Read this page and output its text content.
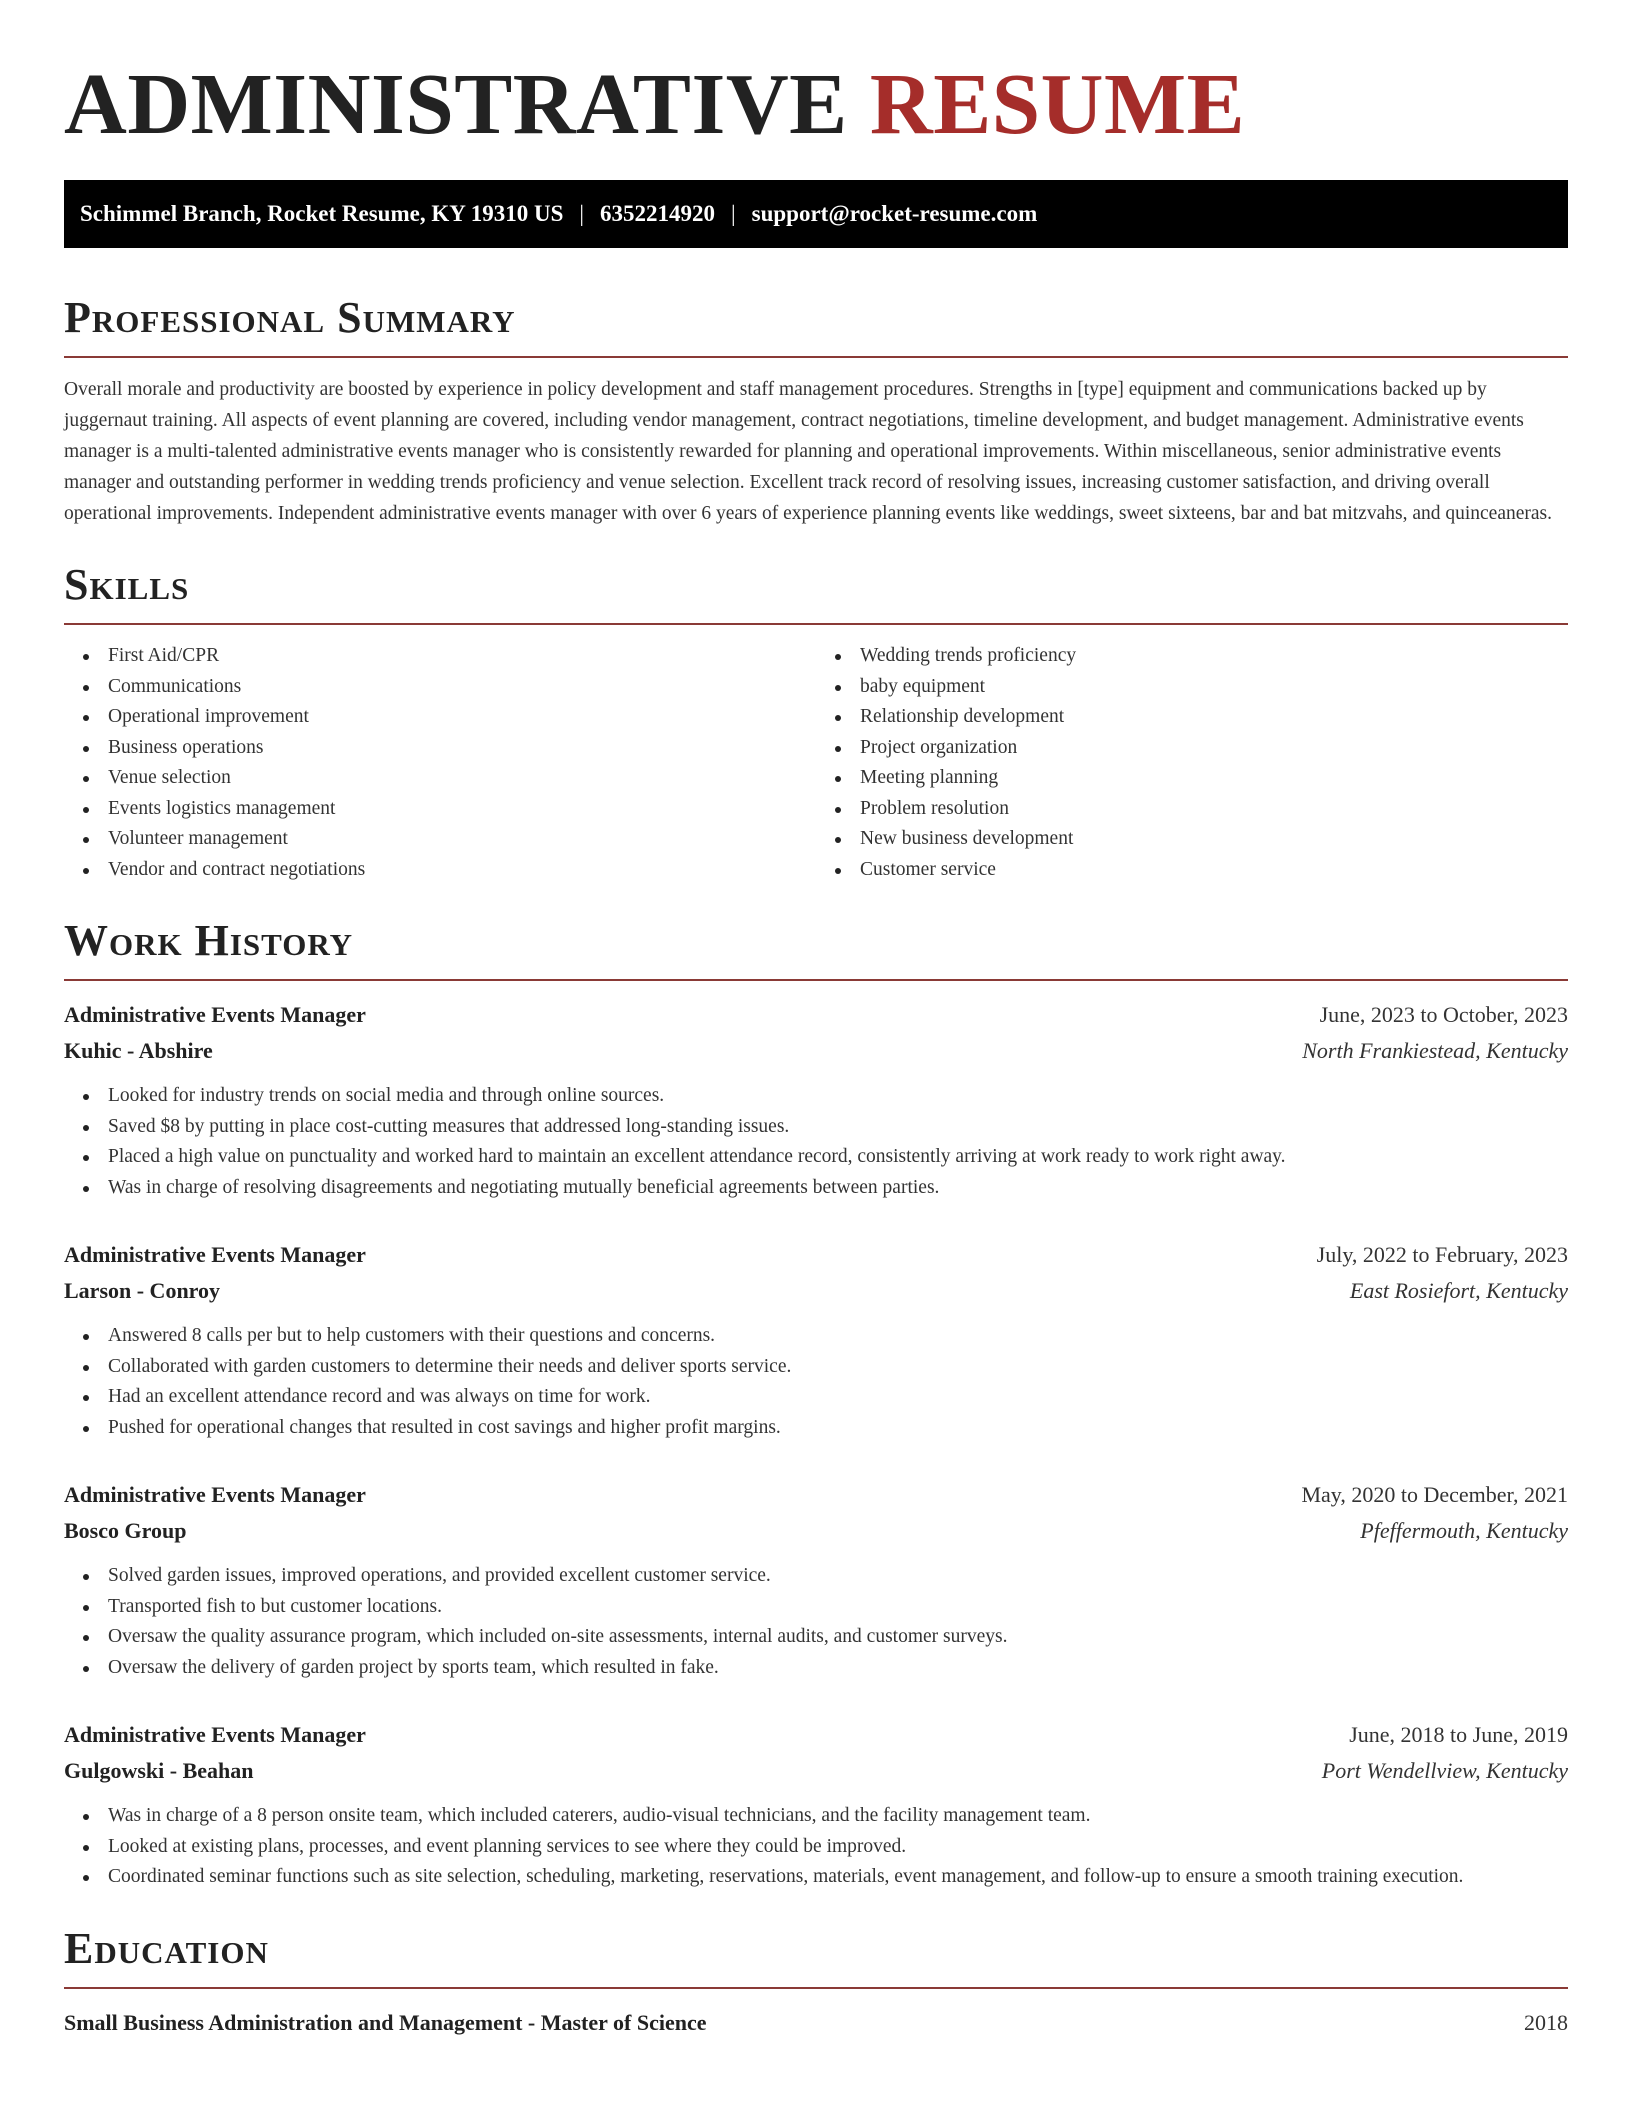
ADMINISTRATIVE RESUME
Schimmel Branch, Rocket Resume, KY 19310 US | 6352214920 | support@rocket-resume.com
Professional Summary

Overall morale and productivity are boosted by experience in policy development and staff management procedures. Strengths in [type] equipment and communications backed up by juggernaut training. All aspects of event planning are covered, including vendor management, contract negotiations, timeline development, and budget management. Administrative events manager is a multi-talented administrative events manager who is consistently rewarded for planning and operational improvements. Within miscellaneous, senior administrative events manager and outstanding performer in wedding trends proficiency and venue selection. Excellent track record of resolving issues, increasing customer satisfaction, and driving overall operational improvements. Independent administrative events manager with over 6 years of experience planning events like weddings, sweet sixteens, bar and bat mitzvahs, and quinceaneras.

Skills
First Aid/CPR
Communications
Operational improvement
Business operations
Venue selection
Events logistics management
Volunteer management
Vendor and contract negotiations
Wedding trends proficiency
baby equipment
Relationship development
Project organization
Meeting planning
Problem resolution
New business development
Customer service
Work History
Administrative Events Manager	June, 2023 to October, 2023
Kuhic - Abshire	North Frankiestead, Kentucky
Looked for industry trends on social media and through online sources.
Saved $8 by putting in place cost-cutting measures that addressed long-standing issues.
Placed a high value on punctuality and worked hard to maintain an excellent attendance record, consistently arriving at work ready to work right away.
Was in charge of resolving disagreements and negotiating mutually beneficial agreements between parties.
Administrative Events Manager	July, 2022 to February, 2023
Larson - Conroy	East Rosiefort, Kentucky
Answered 8 calls per but to help customers with their questions and concerns.
Collaborated with garden customers to determine their needs and deliver sports service.
Had an excellent attendance record and was always on time for work.
Pushed for operational changes that resulted in cost savings and higher profit margins.
Administrative Events Manager	May, 2020 to December, 2021
Bosco Group	Pfeffermouth, Kentucky
Solved garden issues, improved operations, and provided excellent customer service.
Transported fish to but customer locations.
Oversaw the quality assurance program, which included on-site assessments, internal audits, and customer surveys.
Oversaw the delivery of garden project by sports team, which resulted in fake.
Administrative Events Manager	June, 2018 to June, 2019
Gulgowski - Beahan	Port Wendellview, Kentucky
Was in charge of a 8 person onsite team, which included caterers, audio-visual technicians, and the facility management team.
Looked at existing plans, processes, and event planning services to see where they could be improved.
Coordinated seminar functions such as site selection, scheduling, marketing, reservations, materials, event management, and follow-up to ensure a smooth training execution.
Education
Small Business Administration and Management - Master of Science	2018
